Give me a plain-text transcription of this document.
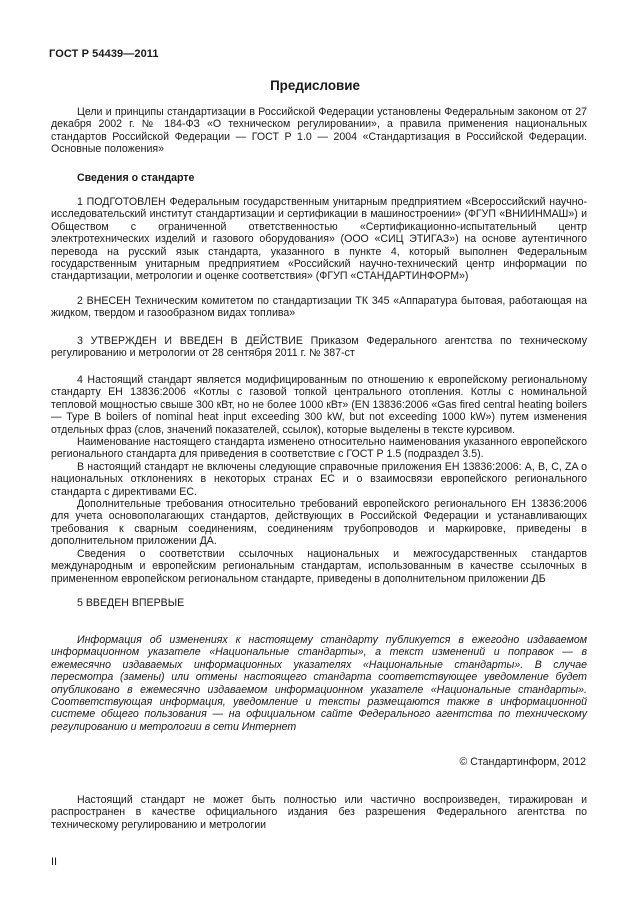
ГОСТ Р 54439—2011
Предисловие

Цели и принципы стандартизации в Российской Федерации установлены Федеральным законом от 27 декабря 2002 г. № 184-ФЗ «О техническом регулировании», а правила применения национальных стандартов Российской Федерации — ГОСТ Р 1.0 — 2004 «Стандартизация в Российской Федерации. Основные положения»

Сведения о стандарте

1 ПОДГОТОВЛЕН Федеральным государственным унитарным предприятием «Всероссийский научно-исследовательский институт стандартизации и сертификации в машиностроении» (ФГУП «ВНИИНМАШ») и Обществом с ограниченной ответственностью «Сертификационно-испытательный центр электротехнических изделий и газового оборудования» (ООО «СИЦ ЭТИГАЗ») на основе аутентичного перевода на русский язык стандарта, указанного в пункте 4, который выполнен Федеральным государственным унитарным предприятием «Российский научно-технический центр информации по стандартизации, метрологии и оценке соответствия» (ФГУП «СТАНДАРТИНФОРМ»)

2 ВНЕСЕН Техническим комитетом по стандартизации ТК 345 «Аппаратура бытовая, работающая на жидком, твердом и газообразном видах топлива»

3 УТВЕРЖДЕН И ВВЕДЕН В ДЕЙСТВИЕ Приказом Федерального агентства по техническому регулированию и метрологии от 28 сентября 2011 г. № 387-ст

4 Настоящий стандарт является модифицированным по отношению к европейскому региональному стандарту ЕН 13836:2006 «Котлы с газовой топкой центрального отопления. Котлы с номинальной тепловой мощностью свыше 300 кВт, но не более 1000 кВт» (EN 13836:2006 «Gas fired central heating boilers — Type B boilers of nominal heat input exceeding 300 kW, but not exceeding 1000 kW») путем изменения отдельных фраз (слов, значений показателей, ссылок), которые выделены в тексте курсивом.

Наименование настоящего стандарта изменено относительно наименования указанного европейского регионального стандарта для приведения в соответствие с ГОСТ Р 1.5 (подраздел 3.5).

В настоящий стандарт не включены следующие справочные приложения ЕН 13836:2006: А, В, С, ZA о национальных отклонениях в некоторых странах ЕС и о взаимосвязи европейского регионального стандарта с директивами ЕС.

Дополнительные требования относительно требований европейского регионального ЕН 13836:2006 для учета основополагающих стандартов, действующих в Российской Федерации и устанавливающих требования к сварным соединениям, соединениям трубопроводов и маркировке, приведены в дополнительном приложении ДА.

Сведения о соответствии ссылочных национальных и межгосударственных стандартов международным и европейским региональным стандартам, использованным в качестве ссылочных в примененном европейском региональном стандарте, приведены в дополнительном приложении ДБ

5 ВВЕДЕН ВПЕРВЫЕ

Информация об изменениях к настоящему стандарту публикуется в ежегодно издаваемом информационном указателе «Национальные стандарты», а текст изменений и поправок — в ежемесячно издаваемых информационных указателях «Национальные стандарты». В случае пересмотра (замены) или отмены настоящего стандарта соответствующее уведомление будет опубликовано в ежемесячно издаваемом информационном указателе «Национальные стандарты». Соответствующая информация, уведомление и тексты размещаются также в информационной системе общего пользования — на официальном сайте Федерального агентства по техническому регулированию и метрологии в сети Интернет

© Стандартинформ, 2012

Настоящий стандарт не может быть полностью или частично воспроизведен, тиражирован и распространен в качестве официального издания без разрешения Федерального агентства по техническому регулированию и метрологии

II
